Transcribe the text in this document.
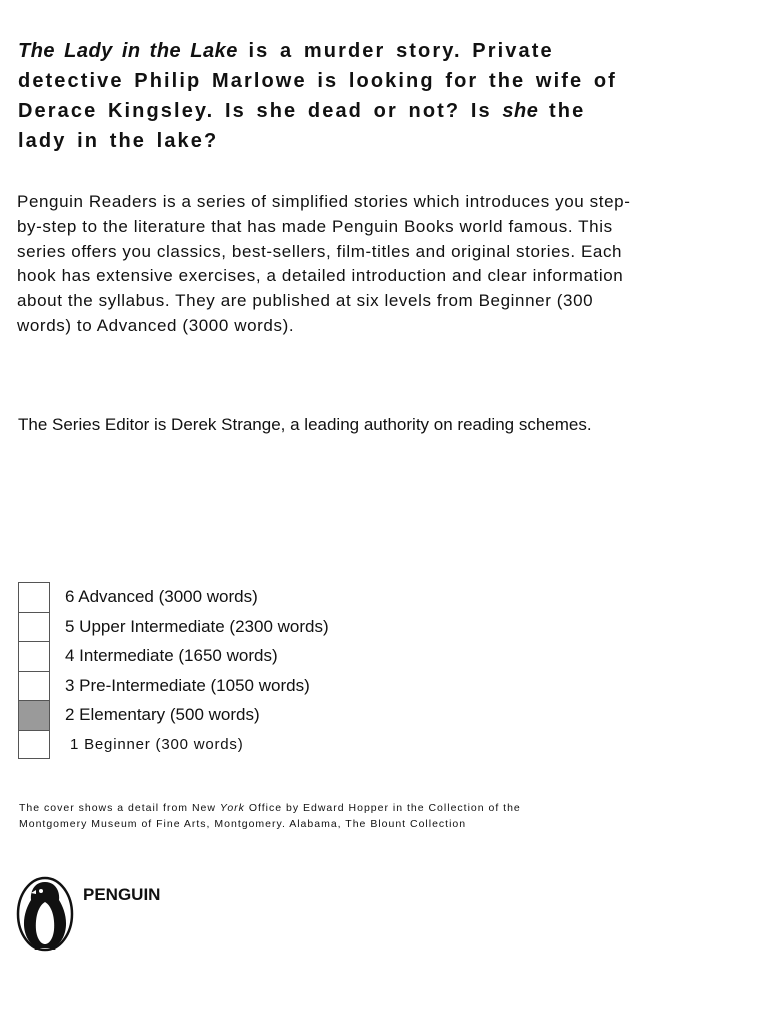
The Lady in the Lake is a murder story. Private detective Philip Marlowe is looking for the wife of Derace Kingsley. Is she dead or not? Is she the lady in the lake?

Penguin Readers is a series of simplified stories which introduces you step-by-step to the literature that has made Penguin Books world famous. This series offers you classics, best-sellers, film-titles and original stories. Each hook has extensive exercises, a detailed introduction and clear information about the syllabus. They are published at six levels from Beginner (300 words) to Advanced (3000 words).

The Series Editor is Derek Strange, a leading authority on reading schemes.

6 Advanced (3000 words)
5 Upper Intermediate (2300 words)
4 Intermediate (1650 words)
3 Pre-Intermediate (1050 words)
2 Elementary (500 words)
1 Beginner (300 words)

The cover shows a detail from New York Office by Edward Hopper in the Collection of the Montgomery Museum of Fine Arts, Montgomery. Alabama, The Blount Collection

PENGUIN
